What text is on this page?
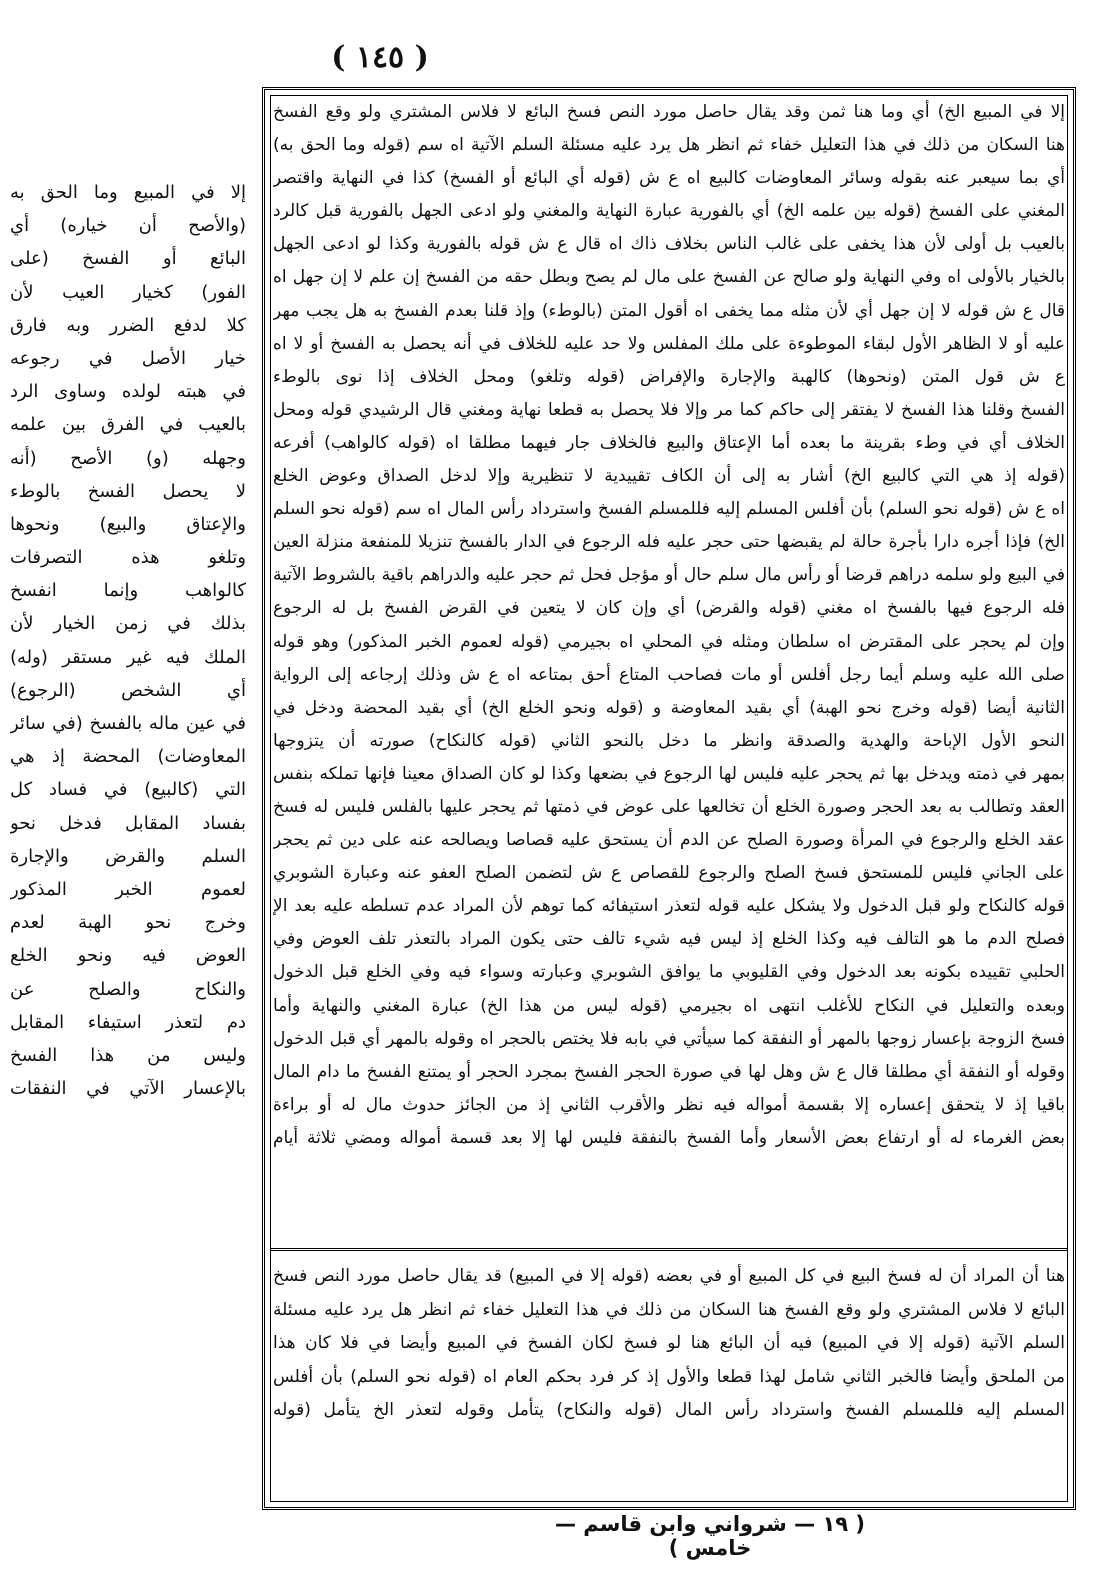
( ١٤٥ )
إلا في المبيع الخ) أي وما هنا ثمن وقد يقال حاصل مورد النص فسخ البائع لا فلاس المشتري ولو وقع الفسخ
هنا السكان من ذلك في هذا التعليل خفاء ثم انظر هل يرد عليه مسئلة السلم الآتية اه سم (قوله وما الحق به)
أي بما سيعبر عنه بقوله وسائر المعاوضات كالبيع اه ع ش (قوله أي البائع أو الفسخ) كذا في النهاية واقتصر
المغني على الفسخ (قوله بين علمه الخ) أي بالفورية عبارة النهاية والمغني ولو ادعى الجهل بالفورية قبل كالرد
بالعيب بل أولى لأن هذا يخفى على غالب الناس بخلاف ذاك اه قال ع ش قوله بالفورية وكذا لو ادعى الجهل
بالخيار بالأولى اه وفي النهاية ولو صالح عن الفسخ على مال لم يصح وبطل حقه من الفسخ إن علم لا إن جهل اه
قال ع ش قوله لا إن جهل أي لأن مثله مما يخفى اه أقول المتن (بالوطء) وإذ قلنا بعدم الفسخ به هل يجب مهر
عليه أو لا الظاهر الأول لبقاء الموطوءة على ملك المفلس ولا حد عليه للخلاف في أنه يحصل به الفسخ أو لا اه
ع ش قول المتن (ونحوها) كالهبة والإجارة والإفراض (قوله وتلغو) ومحل الخلاف إذا نوى بالوطء
الفسخ وقلنا هذا الفسخ لا يفتقر إلى حاكم كما مر وإلا فلا يحصل به قطعا نهاية ومغني قال الرشيدي قوله ومحل
الخلاف أي في وطء بقرينة ما بعده أما الإعتاق والبيع فالخلاف جار فيهما مطلقا اه (قوله كالواهب) أفرعه
(قوله إذ هي التي كالبيع الخ) أشار به إلى أن الكاف تقييدية لا تنظيرية وإلا لدخل الصداق وعوض الخلع
اه ع ش (قوله نحو السلم) بأن أفلس المسلم إليه فللمسلم الفسخ واسترداد رأس المال اه سم (قوله نحو السلم
الخ) فإذا أجره دارا بأجرة حالة لم يقبضها حتى حجر عليه فله الرجوع في الدار بالفسخ تنزيلا للمنفعة منزلة العين
في البيع ولو سلمه دراهم قرضا أو رأس مال سلم حال أو مؤجل فحل ثم حجر عليه والدراهم باقية بالشروط الآتية
فله الرجوع فيها بالفسخ اه مغني (قوله والقرض) أي وإن كان لا يتعين في القرض الفسخ بل له الرجوع
وإن لم يحجر على المقترض اه سلطان ومثله في المحلي اه بجيرمي (قوله لعموم الخبر المذكور) وهو قوله
صلى الله عليه وسلم أيما رجل أفلس أو مات فصاحب المتاع أحق بمتاعه اه ع ش وذلك إرجاعه إلى الرواية
الثانية أيضا (قوله وخرج نحو الهبة) أي بقيد المعاوضة و (قوله ونحو الخلع الخ) أي بقيد المحضة ودخل في
النحو الأول الإباحة والهدية والصدقة وانظر ما دخل بالنحو الثاني (قوله كالنكاح) صورته أن يتزوجها
بمهر في ذمته ويدخل بها ثم يحجر عليه فليس لها الرجوع في بضعها وكذا لو كان الصداق معينا فإنها تملكه بنفس
العقد وتطالب به بعد الحجر وصورة الخلع أن تخالعها على عوض في ذمتها ثم يحجر عليها بالفلس فليس له فسخ
عقد الخلع والرجوع في المرأة وصورة الصلح عن الدم أن يستحق عليه قصاصا ويصالحه عنه على دين ثم يحجر
على الجاني فليس للمستحق فسخ الصلح والرجوع للقصاص ع ش لتضمن الصلح العفو عنه وعبارة الشوبري
قوله كالنكاح ولو قبل الدخول ولا يشكل عليه قوله لتعذر استيفائه كما توهم لأن المراد عدم تسلطه عليه بعد الإ
فصلح الدم ما هو التالف فيه وكذا الخلع إذ ليس فيه شيء تالف حتى يكون المراد بالتعذر تلف العوض وفي
الحلبي تقييده بكونه بعد الدخول وفي القليوبي ما يوافق الشوبري وعبارته وسواء فيه وفي الخلع قبل الدخول
وبعده والتعليل في النكاح للأغلب انتهى اه بجيرمي (قوله ليس من هذا الخ) عبارة المغني والنهاية وأما
فسخ الزوجة بإعسار زوجها بالمهر أو النفقة كما سيأتي في بابه فلا يختص بالحجر اه وقوله بالمهر أي قبل الدخول
وقوله أو النفقة أي مطلقا قال ع ش وهل لها في صورة الحجر الفسخ بمجرد الحجر أو يمتنع الفسخ ما دام المال
باقيا إذ لا يتحقق إعساره إلا بقسمة أمواله فيه نظر والأقرب الثاني إذ من الجائز حدوث مال له أو براءة
بعض الغرماء له أو ارتفاع بعض الأسعار وأما الفسخ بالنفقة فليس لها إلا بعد قسمة أمواله ومضي ثلاثة أيام
هنا أن المراد أن له فسخ البيع في كل المبيع أو في بعضه (قوله إلا في المبيع) قد يقال حاصل مورد النص فسخ
البائع لا فلاس المشتري ولو وقع الفسخ هنا السكان من ذلك في هذا التعليل خفاء ثم انظر هل يرد عليه مسئلة
السلم الآتية (قوله إلا في المبيع) فيه أن البائع هنا لو فسخ لكان الفسخ في المبيع وأيضا في فلا كان هذا
من الملحق وأيضا فالخبر الثاني شامل لهذا قطعا والأول إذ كر فرد بحكم العام اه (قوله نحو السلم) بأن أفلس
المسلم إليه فللمسلم الفسخ واسترداد رأس المال (قوله والنكاح) يتأمل وقوله لتعذر الخ يتأمل (قوله
إلا في المبيع وما الحق به
(والأصح أن خياره) أي
البائع أو الفسخ (على
الفور) كخيار العيب لأن
كلا لدفع الضرر وبه فارق
خيار الأصل في رجوعه
في هبته لولده وساوى الرد
بالعيب في الفرق بين علمه
وجهله (و) الأصح (أنه
لا يحصل الفسخ بالوطء
والإعتاق والبيع) ونحوها
وتلغو هذه التصرفات
كالواهب وإنما انفسخ
بذلك في زمن الخيار لأن
الملك فيه غير مستقر (وله)
أي الشخص (الرجوع)
في عين ماله بالفسخ (في سائر
المعاوضات) المحضة إذ هي
التي (كالبيع) في فساد كل
بفساد المقابل فدخل نحو
السلم والقرض والإجارة
لعموم الخبر المذكور
وخرج نحو الهبة لعدم
العوض فيه ونحو الخلع
والنكاح والصلح عن
دم لتعذر استيفاء المقابل
وليس من هذا الفسخ
بالإعسار الآتي في النفقات
( ١٩ — شرواني وابن قاسم — خامس )
